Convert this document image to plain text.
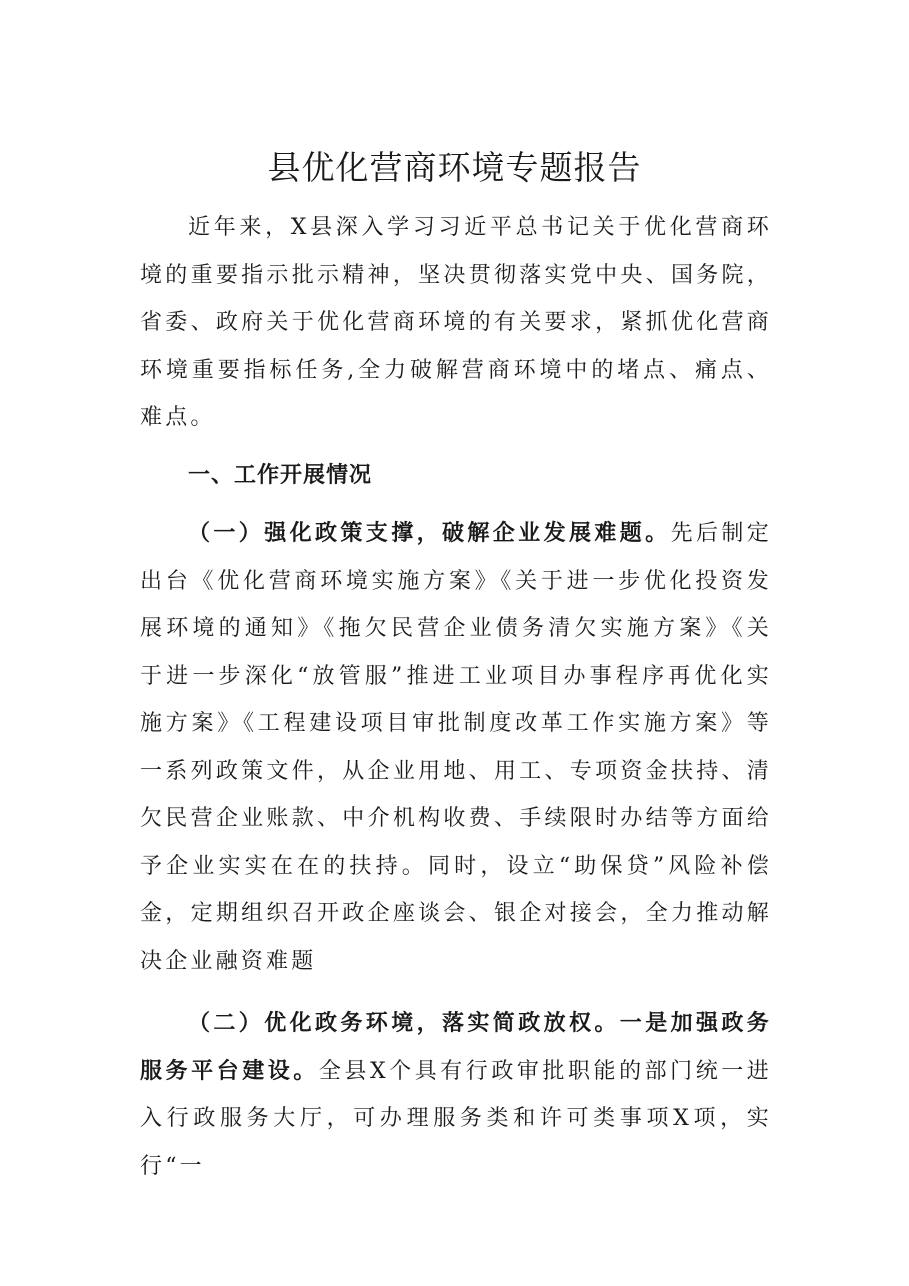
县优化营商环境专题报告

近年来，X县深入学习习近平总书记关于优化营商环境的重要指示批示精神，坚决贯彻落实党中央、国务院，省委、政府关于优化营商环境的有关要求，紧抓优化营商环境重要指标任务,全力破解营商环境中的堵点、痛点、难点。

一、工作开展情况

（一）强化政策支撑，破解企业发展难题。先后制定出台《优化营商环境实施方案》《关于进一步优化投资发展环境的通知》《拖欠民营企业债务清欠实施方案》《关于进一步深化“放管服”推进工业项目办事程序再优化实施方案》《工程建设项目审批制度改革工作实施方案》等一系列政策文件，从企业用地、用工、专项资金扶持、清欠民营企业账款、中介机构收费、手续限时办结等方面给予企业实实在在的扶持。同时，设立“助保贷”风险补偿金，定期组织召开政企座谈会、银企对接会，全力推动解决企业融资难题

（二）优化政务环境，落实简政放权。一是加强政务服务平台建设。全县X个具有行政审批职能的部门统一进入行政服务大厅，可办理服务类和许可类事项X项，实行“一
